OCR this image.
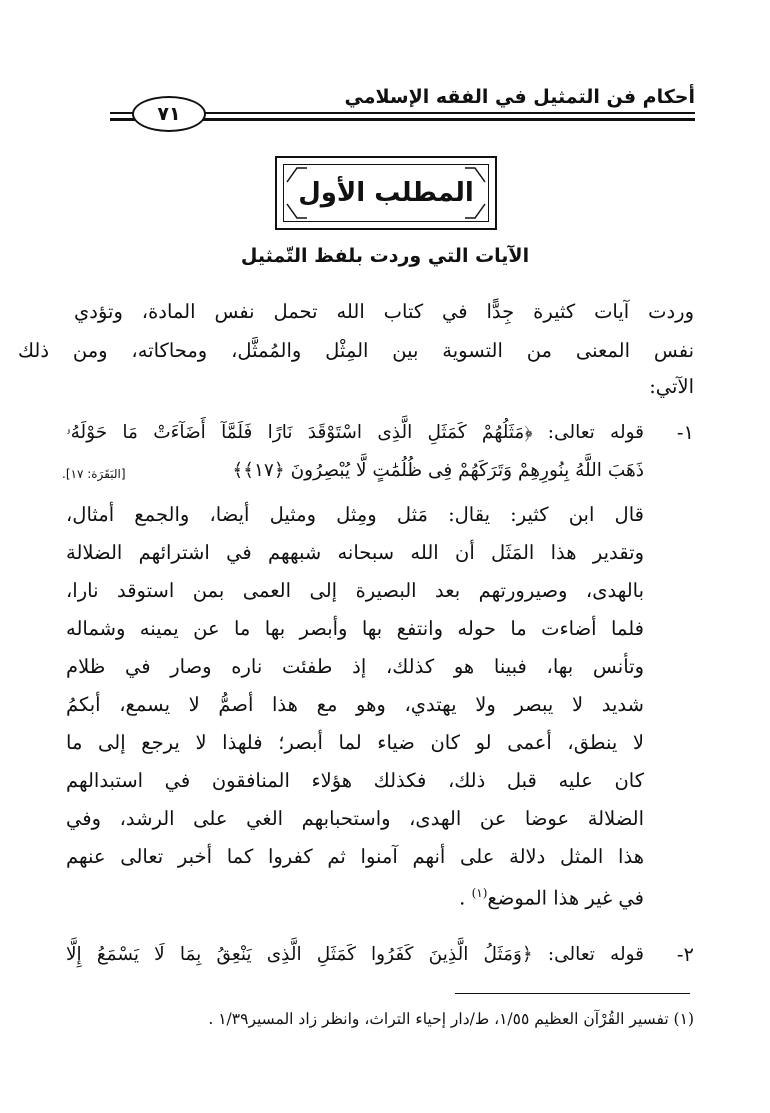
أحكام فن التمثيل في الفقه الإسلامي
٧١
المطلب الأول
الآيات التي وردت بلفظ التّمثيل
وردت آيات كثيرة جِدًّا في كتاب الله تحمل نفس المادة، وتؤدي
نفس المعنى من التسوية بين المِثْل والمُمثَّل، ومحاكاته، ومن ذلك
الآتي:
١-
قوله تعالى: ﴿مَثَلُهُمْ كَمَثَلِ الَّذِى اسْتَوْقَدَ نَارًا فَلَمَّآ أَضَآءَتْ مَا حَوْلَهُۥ
ذَهَبَ اللَّهُ بِنُورِهِمْ وَتَرَكَهُمْ فِى ظُلُمَٰتٍ لَّا يُبْصِرُونَ ﴿١٧﴾﴾
[البَقَرَة: ١٧].
قال ابن كثير: يقال: مَثل ومِثل ومثيل أيضا، والجمع أمثال،
وتقدير هذا المَثَل أن الله سبحانه شبههم في اشترائهم الضلالة
بالهدى، وصيرورتهم بعد البصيرة إلى العمى بمن استوقد نارا،
فلما أضاءت ما حوله وانتفع بها وأبصر بها ما عن يمينه وشماله
وتأنس بها، فبينا هو كذلك، إذ طفئت ناره وصار في ظلام
شديد لا يبصر ولا يهتدي، وهو مع هذا أصمُّ لا يسمع، أبكمُ
لا ينطق، أعمى لو كان ضياء لما أبصر؛ فلهذا لا يرجع إلى ما
كان عليه قبل ذلك، فكذلك هؤلاء المنافقون في استبدالهم
الضلالة عوضا عن الهدى، واستحبابهم الغي على الرشد، وفي
هذا المثل دلالة على أنهم آمنوا ثم كفروا كما أخبر تعالى عنهم
في غير هذا الموضع$^{(١)}$ .
٢-
قوله تعالى: ﴿وَمَثَلُ الَّذِينَ كَفَرُوا كَمَثَلِ الَّذِى يَنْعِقُ بِمَا لَا يَسْمَعُ إِلَّا
(١) تفسير القُرْآن العظيم ١/٥٥، ط/دار إحياء التراث، وانظر زاد المسير١/٣٩ .
